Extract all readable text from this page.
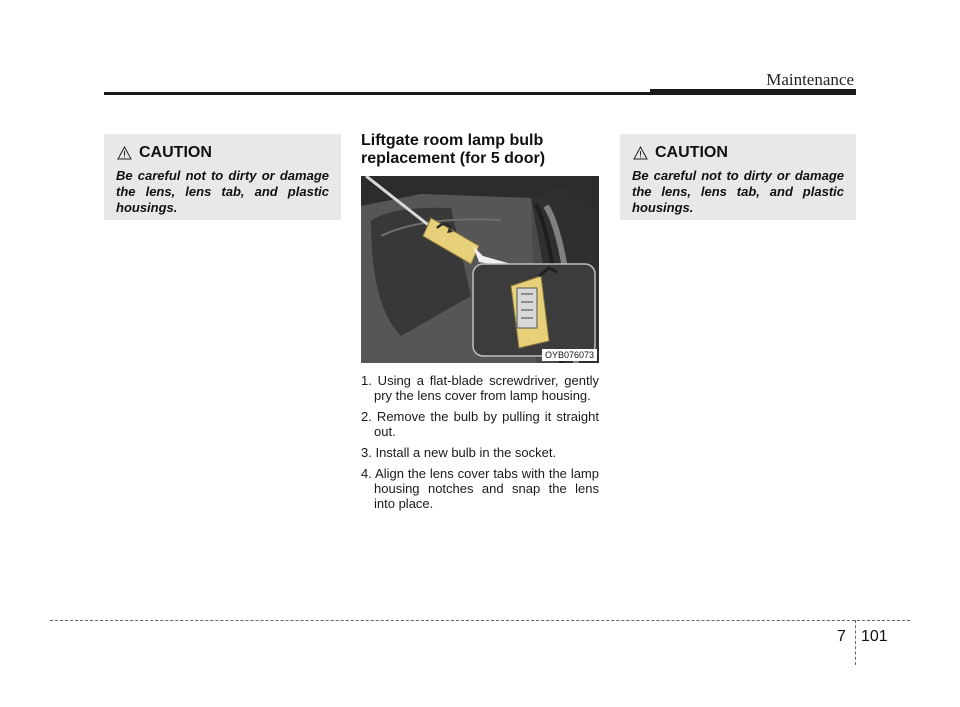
Maintenance
CAUTION
Be careful not to dirty or damage the lens, lens tab, and plastic housings.
Liftgate room lamp bulb replacement (for 5 door)
OYB076073
1. Using a flat-blade screwdriver, gently pry the lens cover from lamp housing.
2. Remove the bulb by pulling it straight out.
3. Install a new bulb in the socket.
4. Align the lens cover tabs with the lamp housing notches and snap the lens into place.
CAUTION
Be careful not to dirty or damage the lens, lens tab, and plastic housings.
7 101
